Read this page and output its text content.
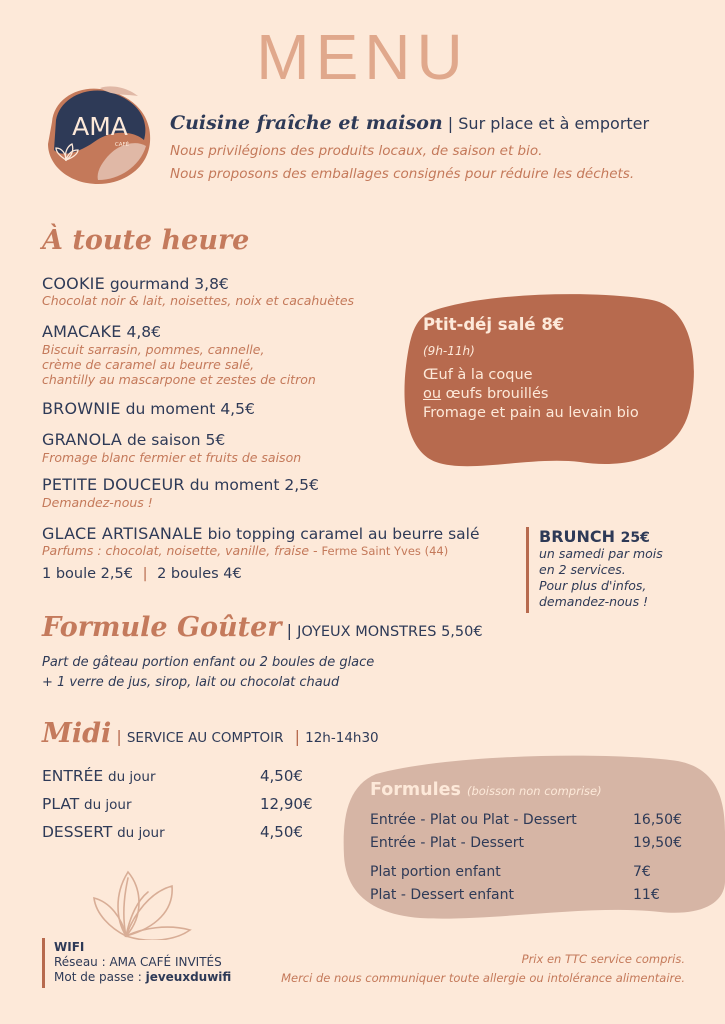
MENU
AMA
CAFÉ
Cuisine fraîche et maison | Sur place et à emporter
Nous privilégions des produits locaux, de saison et bio.
Nous proposons des emballages consignés pour réduire les déchets.
À toute heure
COOKIE gourmand 3,8€
Chocolat noir & lait, noisettes, noix et cacahuètes
AMACAKE 4,8€
Biscuit sarrasin, pommes, cannelle,
crème de caramel au beurre salé,
chantilly au mascarpone et zestes de citron
BROWNIE du moment 4,5€
GRANOLA de saison 5€
Fromage blanc fermier et fruits de saison
PETITE DOUCEUR du moment 2,5€
Demandez-nous !
GLACE ARTISANALE bio topping caramel au beurre salé
Parfums : chocolat, noisette, vanille, fraise - Ferme Saint Yves (44)
1 boule 2,5€ | 2 boules 4€
Ptit-déj salé 8€
(9h-11h)
Œuf à la coque
ou œufs brouillés
Fromage et pain au levain bio
BRUNCH 25€
un samedi par mois
en 2 services.
Pour plus d'infos,
demandez-nous !
Formule Goûter | JOYEUX MONSTRES 5,50€
Part de gâteau portion enfant ou 2 boules de glace
+ 1 verre de jus, sirop, lait ou chocolat chaud
Midi | SERVICE AU COMPTOIR | 12h-14h30
ENTRÉE du jour	4,50€
PLAT du jour	12,90€
DESSERT du jour	4,50€
Formules (boisson non comprise)
Entrée - Plat ou Plat - Dessert	16,50€
Entrée - Plat - Dessert	19,50€
Plat portion enfant	7€
Plat - Dessert enfant	11€
WIFI
Réseau : AMA CAFÉ INVITÉS
Mot de passe : jeveuxduwifi
Prix en TTC service compris.
Merci de nous communiquer toute allergie ou intolérance alimentaire.
